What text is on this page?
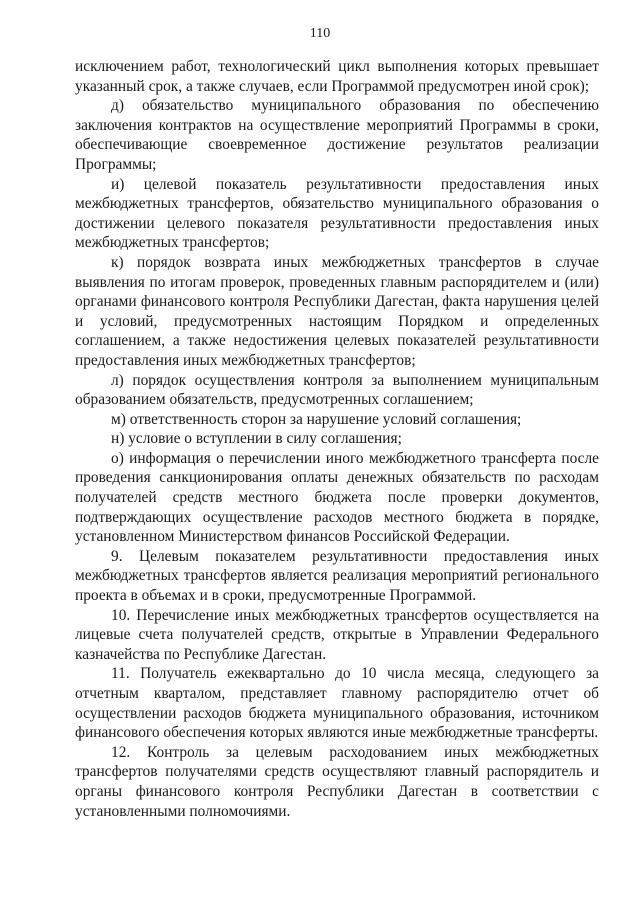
110

исключением работ, технологический цикл выполнения которых превышает указанный срок, а также случаев, если Программой предусмотрен иной срок);

д) обязательство муниципального образования по обеспечению заключения контрактов на осуществление мероприятий Программы в сроки, обеспечивающие своевременное достижение результатов реализации Программы;

и) целевой показатель результативности предоставления иных межбюджетных трансфертов, обязательство муниципального образования о достижении целевого показателя результативности предоставления иных межбюджетных трансфертов;

к) порядок возврата иных межбюджетных трансфертов в случае выявления по итогам проверок, проведенных главным распорядителем и (или) органами финансового контроля Республики Дагестан, факта нарушения целей и условий, предусмотренных настоящим Порядком и определенных соглашением, а также недостижения целевых показателей результативности предоставления иных межбюджетных трансфертов;

л) порядок осуществления контроля за выполнением муниципальным образованием обязательств, предусмотренных соглашением;

м) ответственность сторон за нарушение условий соглашения;

н) условие о вступлении в силу соглашения;

о) информация о перечислении иного межбюджетного трансферта после проведения санкционирования оплаты денежных обязательств по расходам получателей средств местного бюджета после проверки документов, подтверждающих осуществление расходов местного бюджета в порядке, установленном Министерством финансов Российской Федерации.

9. Целевым показателем результативности предоставления иных межбюджетных трансфертов является реализация мероприятий регионального проекта в объемах и в сроки, предусмотренные Программой.

10. Перечисление иных межбюджетных трансфертов осуществляется на лицевые счета получателей средств, открытые в Управлении Федерального казначейства по Республике Дагестан.

11. Получатель ежеквартально до 10 числа месяца, следующего за отчетным кварталом, представляет главному распорядителю отчет об осуществлении расходов бюджета муниципального образования, источником финансового обеспечения которых являются иные межбюджетные трансферты.

12. Контроль за целевым расходованием иных межбюджетных трансфертов получателями средств осуществляют главный распорядитель и органы финансового контроля Республики Дагестан в соответствии с установленными полномочиями.
